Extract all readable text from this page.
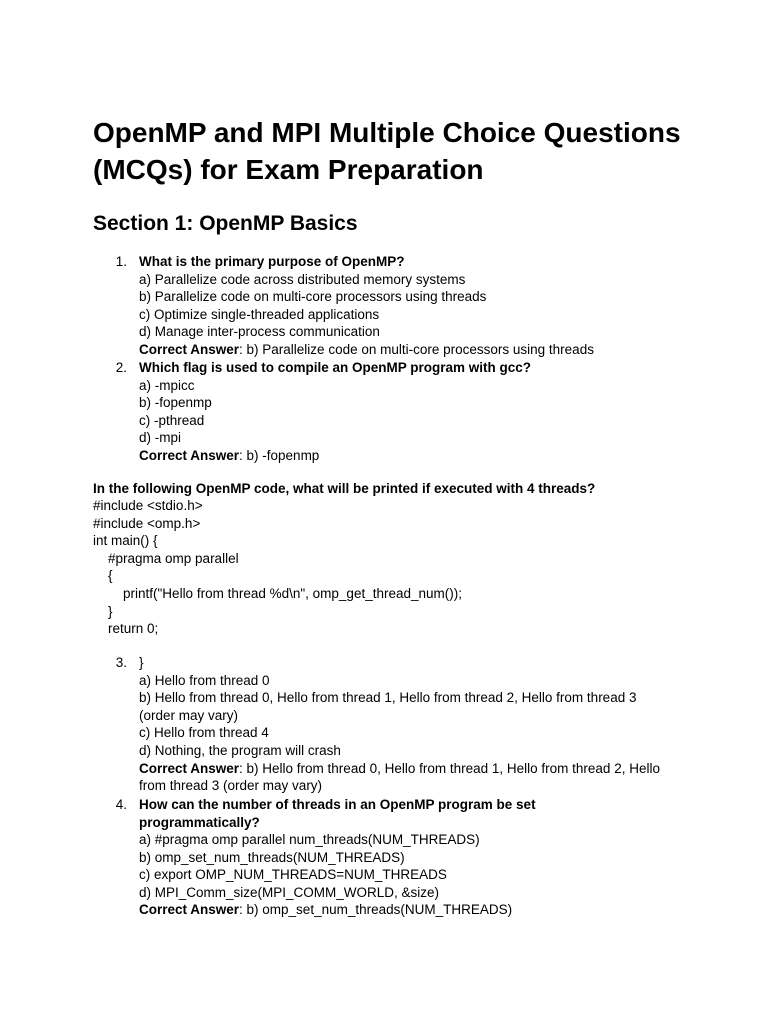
OpenMP and MPI Multiple Choice Questions (MCQs) for Exam Preparation
Section 1: OpenMP Basics
1. What is the primary purpose of OpenMP?
a) Parallelize code across distributed memory systems
b) Parallelize code on multi-core processors using threads
c) Optimize single-threaded applications
d) Manage inter-process communication
Correct Answer: b) Parallelize code on multi-core processors using threads
2. Which flag is used to compile an OpenMP program with gcc?
a) -mpicc
b) -fopenmp
c) -pthread
d) -mpi
Correct Answer: b) -fopenmp
In the following OpenMP code, what will be printed if executed with 4 threads?
#include <stdio.h>
#include <omp.h>
int main() {
#pragma omp parallel
{
printf("Hello from thread %d\n", omp_get_thread_num());
}
return 0;
3. }
a) Hello from thread 0
b) Hello from thread 0, Hello from thread 1, Hello from thread 2, Hello from thread 3 (order may vary)
c) Hello from thread 4
d) Nothing, the program will crash
Correct Answer: b) Hello from thread 0, Hello from thread 1, Hello from thread 2, Hello from thread 3 (order may vary)
4. How can the number of threads in an OpenMP program be set programmatically?
a) #pragma omp parallel num_threads(NUM_THREADS)
b) omp_set_num_threads(NUM_THREADS)
c) export OMP_NUM_THREADS=NUM_THREADS
d) MPI_Comm_size(MPI_COMM_WORLD, &size)
Correct Answer: b) omp_set_num_threads(NUM_THREADS)
